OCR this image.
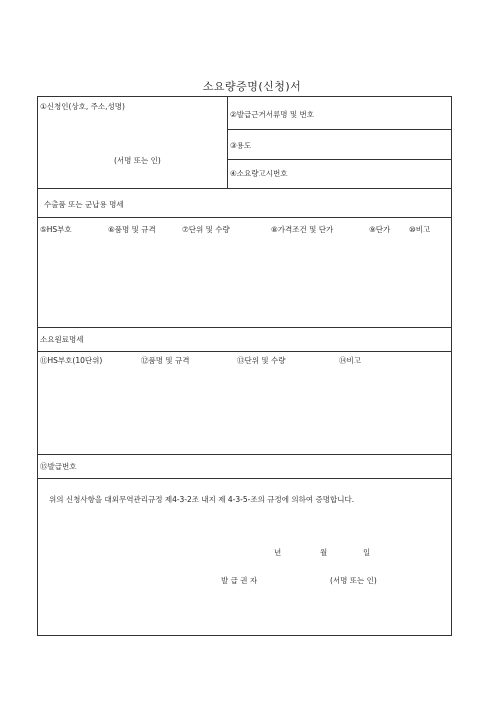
소요량증명(신청)서
①신청인(상호, 주소,성명)
(서명 또는 인)
②발급근거서류명 및 번호
③용도
④소요량고시번호
수출품 또는 군납용 명세
⑤HS부호	⑥품명 및 규격	⑦단위 및 수량	⑧가격조건 및 단가	⑨단가	⑩비고
소요원료명세
⑪HS부호(10단위)	⑫품명 및 규격	⑬단위 및 수량	⑭비고
⑮발급번호
위의 신청사항을 대외무역관리규정 제4-3-2조 내지 제 4-3-5-조의 규정에 의하여 증명합니다.
년	월	일
발 급 권 자	(서명 또는 인)
